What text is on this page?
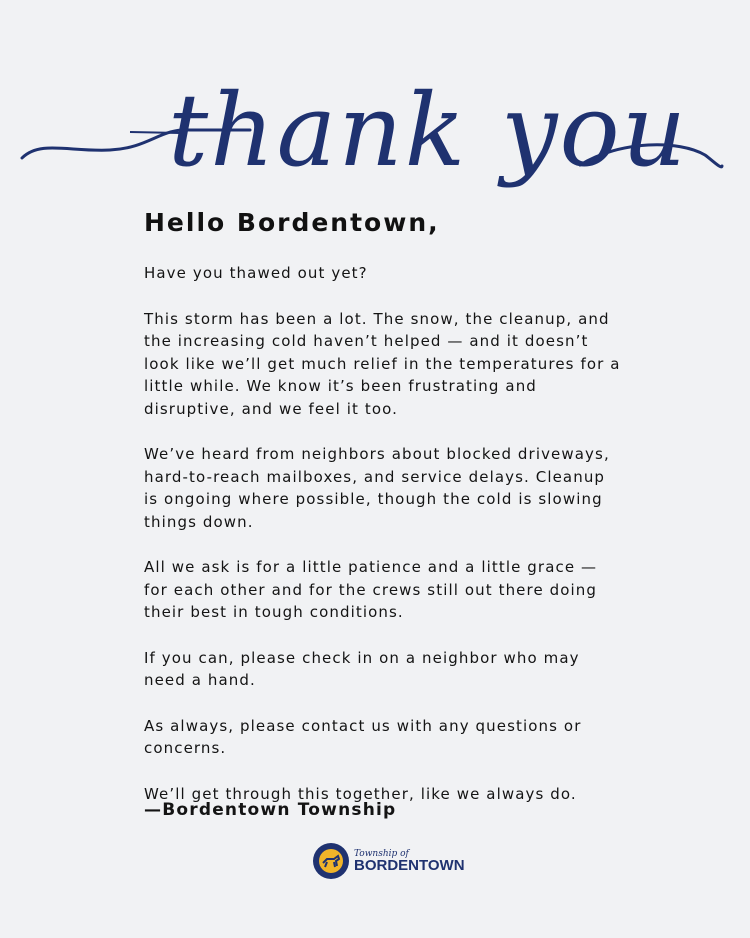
thank you
Hello Bordentown,

Have you thawed out yet?

This storm has been a lot. The snow, the cleanup, and the increasing cold haven’t helped — and it doesn’t look like we’ll get much relief in the temperatures for a little while. We know it’s been frustrating and disruptive, and we feel it too.

We’ve heard from neighbors about blocked driveways, hard-to-reach mailboxes, and service delays. Cleanup is ongoing where possible, though the cold is slowing things down.

All we ask is for a little patience and a little grace — for each other and for the crews still out there doing their best in tough conditions.

If you can, please check in on a neighbor who may need a hand.

As always, please contact us with any questions or concerns.

We’ll get through this together, like we always do.

—Bordentown Township

Township of
BORDENTOWN
